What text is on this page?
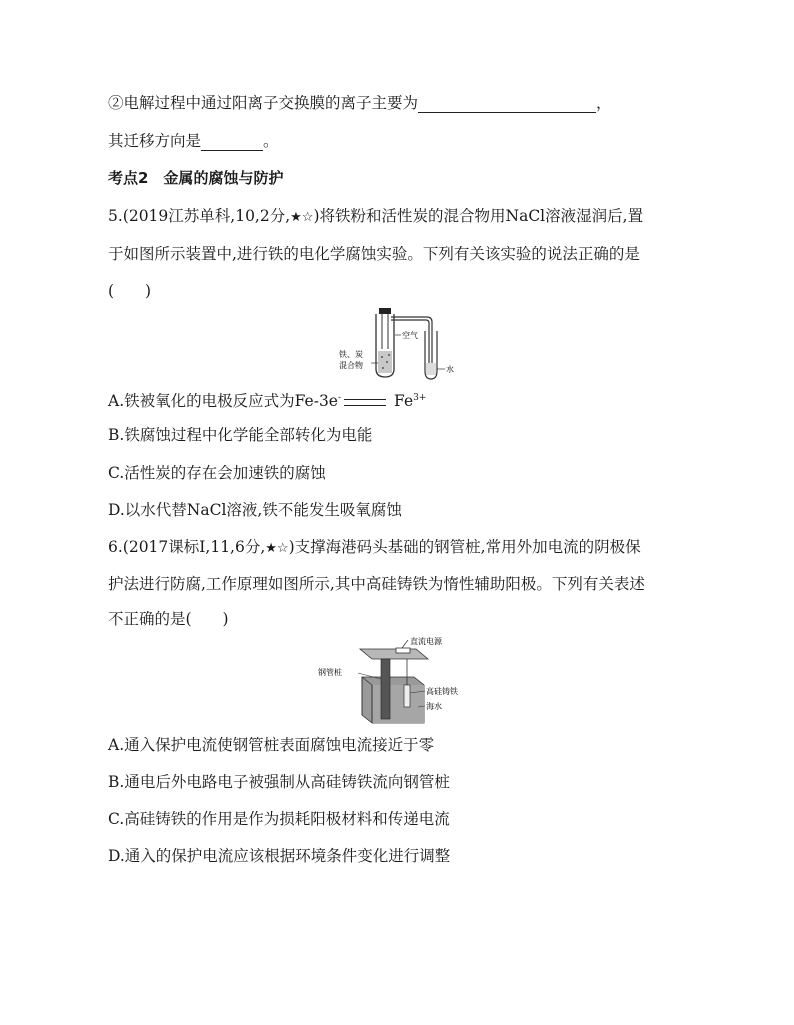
②电解过程中通过阳离子交换膜的离子主要为	，
其迁移方向是	。
考点2　金属的腐蚀与防护
5.(2019江苏单科,10,2分,★☆)将铁粉和活性炭的混合物用NaCl溶液湿润后,置
于如图所示装置中,进行铁的电化学腐蚀实验。下列有关该实验的说法正确的是
(　　)
空气
铁、炭
混合物	水
A.铁被氧化的电极反应式为Fe-3e-	$Fe^{3+}$
B.铁腐蚀过程中化学能全部转化为电能
C.活性炭的存在会加速铁的腐蚀
D.以水代替NaCl溶液,铁不能发生吸氧腐蚀
6.(2017课标Ⅰ,11,6分,★☆)支撑海港码头基础的钢管桩,常用外加电流的阴极保
护法进行防腐,工作原理如图所示,其中高硅铸铁为惰性辅助阳极。下列有关表述
不正确的是(　　)
直流电源
钢管桩
高硅铸铁
海水
A.通入保护电流使钢管桩表面腐蚀电流接近于零
B.通电后外电路电子被强制从高硅铸铁流向钢管桩
C.高硅铸铁的作用是作为损耗阳极材料和传递电流
D.通入的保护电流应该根据环境条件变化进行调整
